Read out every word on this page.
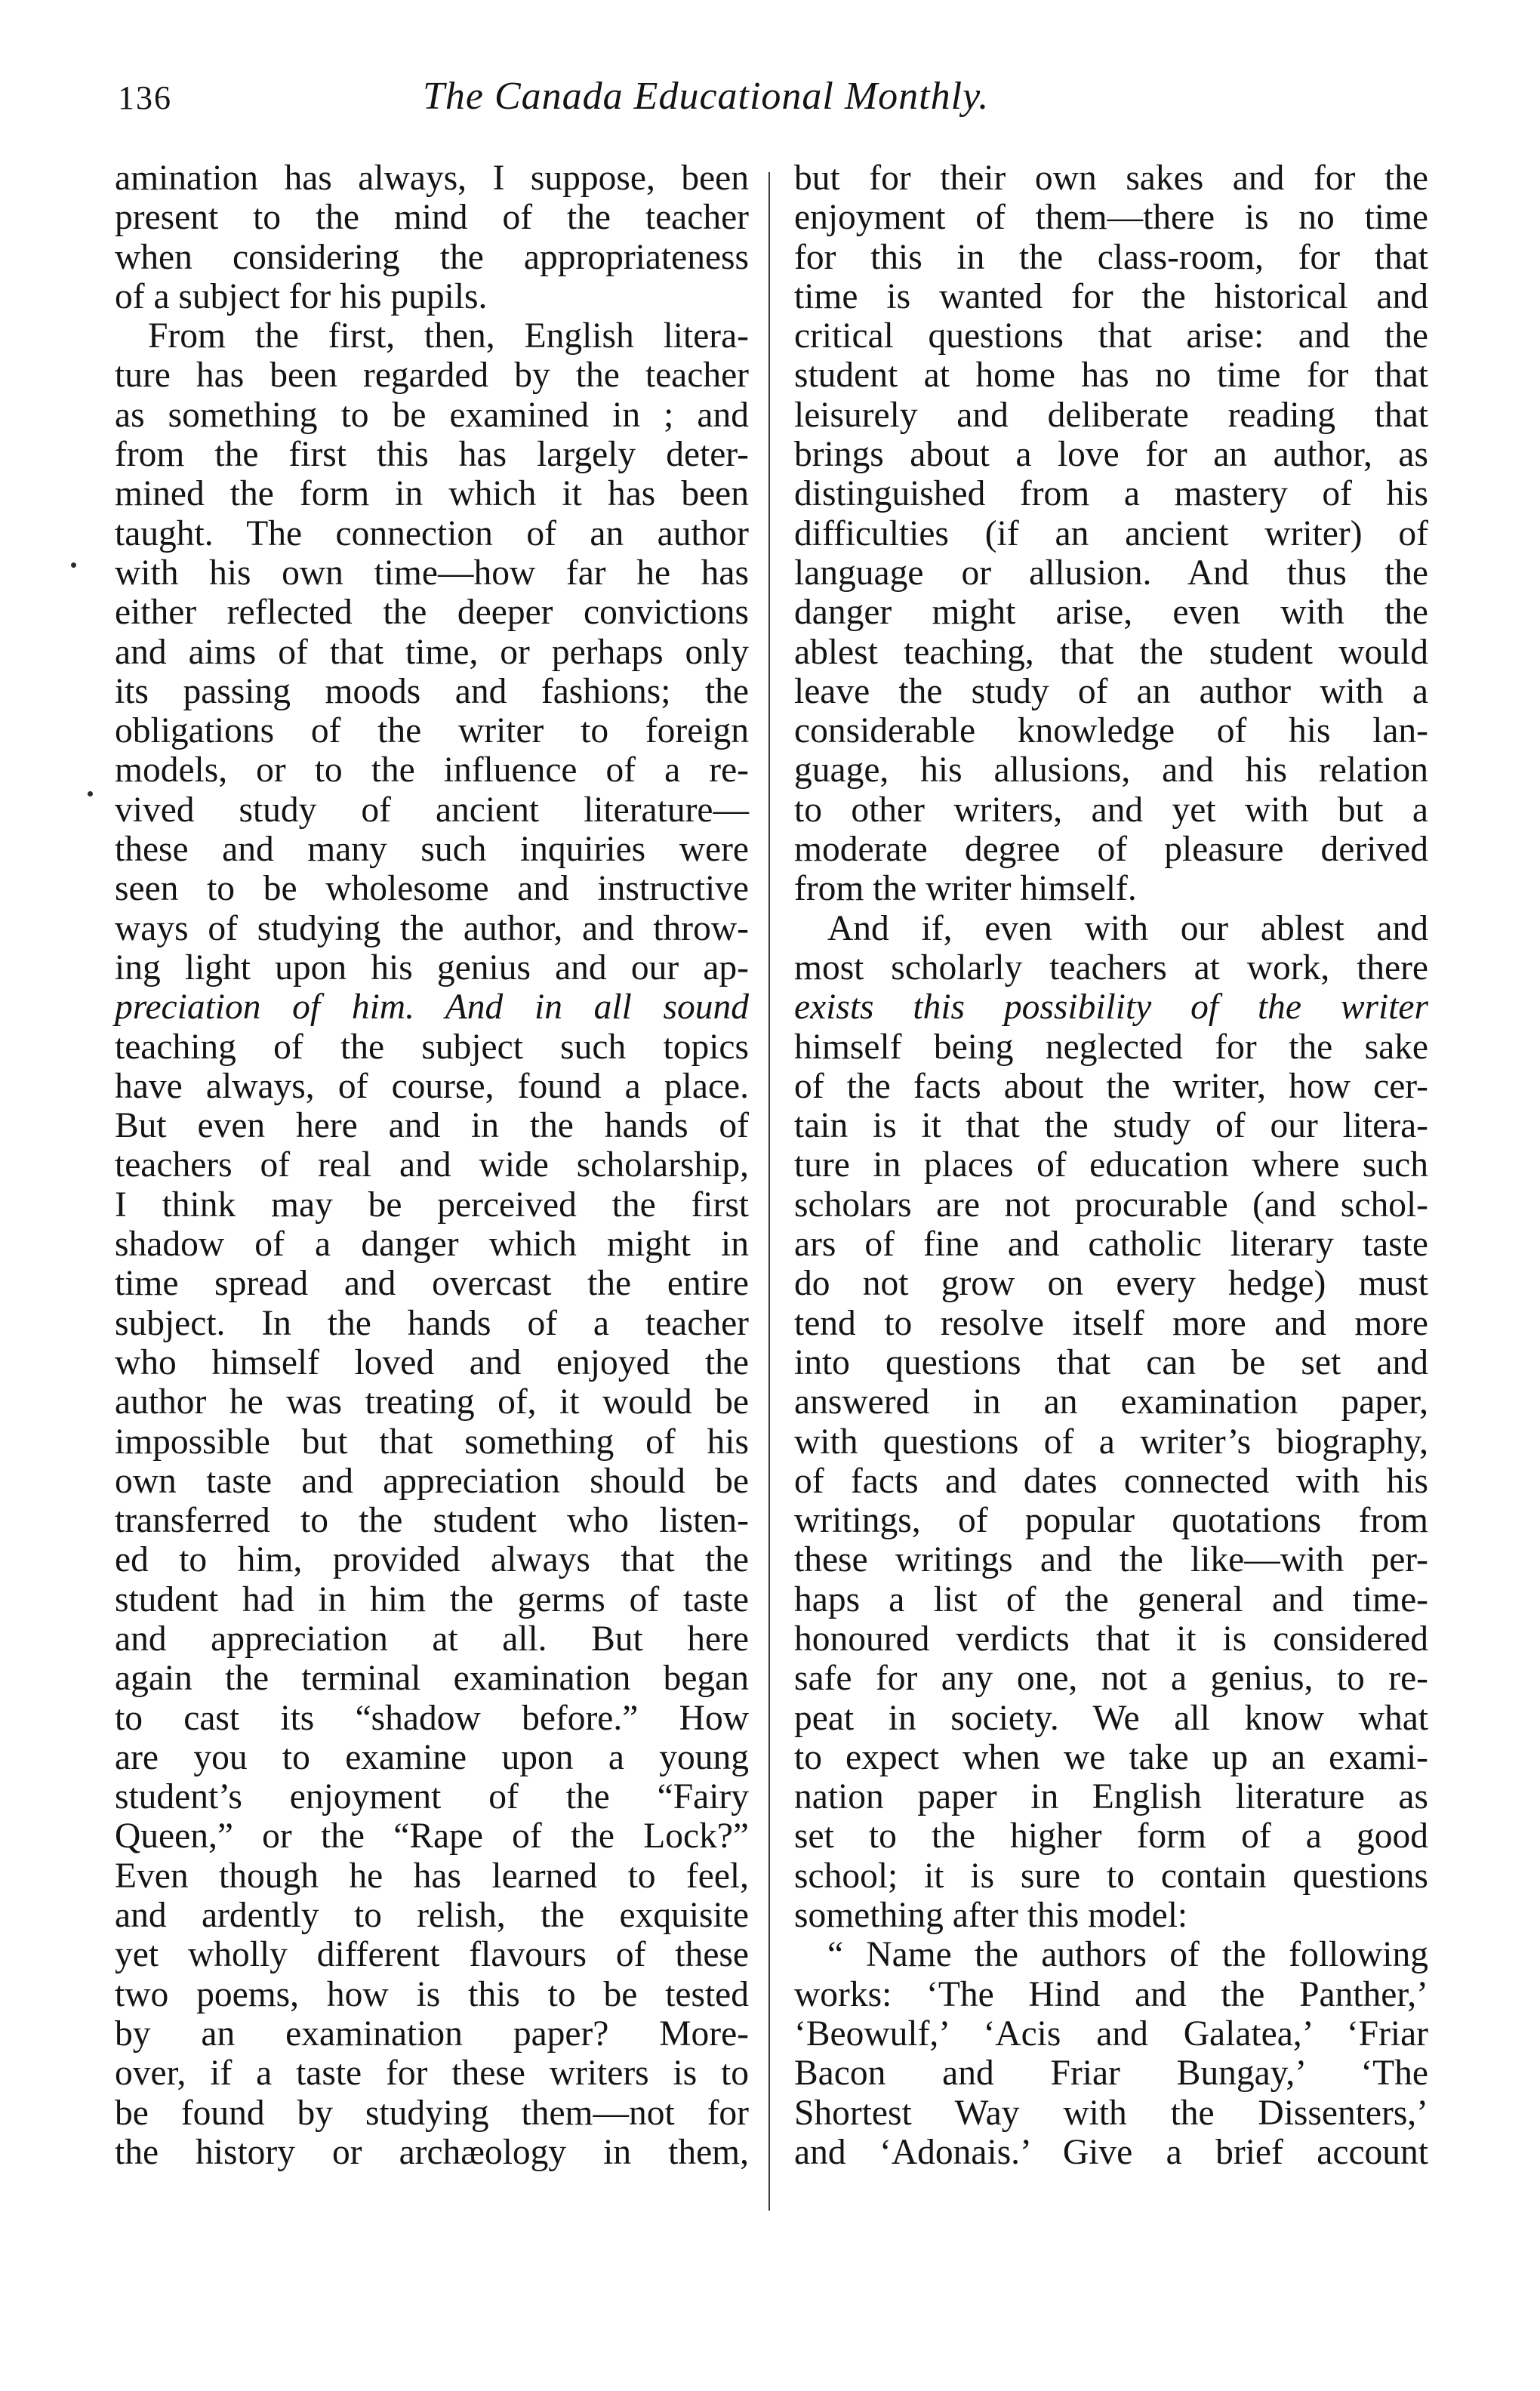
136	The Canada Educational Monthly.
amination has always, I suppose, been
present to the mind of the teacher
when considering the appropriateness
of a subject for his pupils.
From the first, then, English litera-
ture has been regarded by the teacher
as something to be examined in ; and
from the first this has largely deter-
mined the form in which it has been
taught. The connection of an author
with his own time—how far he has
either reflected the deeper convictions
and aims of that time, or perhaps only
its passing moods and fashions; the
obligations of the writer to foreign
models, or to the influence of a re-
vived study of ancient literature—
these and many such inquiries were
seen to be wholesome and instructive
ways of studying the author, and throw-
ing light upon his genius and our ap-
preciation of him. And in all sound
teaching of the subject such topics
have always, of course, found a place.
But even here and in the hands of
teachers of real and wide scholarship,
I think may be perceived the first
shadow of a danger which might in
time spread and overcast the entire
subject. In the hands of a teacher
who himself loved and enjoyed the
author he was treating of, it would be
impossible but that something of his
own taste and appreciation should be
transferred to the student who listen-
ed to him, provided always that the
student had in him the germs of taste
and appreciation at all. But here
again the terminal examination began
to cast its “shadow before.” How
are you to examine upon a young
student’s enjoyment of the “Fairy
Queen,” or the “Rape of the Lock?”
Even though he has learned to feel,
and ardently to relish, the exquisite
yet wholly different flavours of these
two poems, how is this to be tested
by an examination paper? More-
over, if a taste for these writers is to
be found by studying them—not for
the history or archæology in them,
but for their own sakes and for the
enjoyment of them—there is no time
for this in the class-room, for that
time is wanted for the historical and
critical questions that arise: and the
student at home has no time for that
leisurely and deliberate reading that
brings about a love for an author, as
distinguished from a mastery of his
difficulties (if an ancient writer) of
language or allusion. And thus the
danger might arise, even with the
ablest teaching, that the student would
leave the study of an author with a
considerable knowledge of his lan-
guage, his allusions, and his relation
to other writers, and yet with but a
moderate degree of pleasure derived
from the writer himself.
And if, even with our ablest and
most scholarly teachers at work, there
exists this possibility of the writer
himself being neglected for the sake
of the facts about the writer, how cer-
tain is it that the study of our litera-
ture in places of education where such
scholars are not procurable (and schol-
ars of fine and catholic literary taste
do not grow on every hedge) must
tend to resolve itself more and more
into questions that can be set and
answered in an examination paper,
with questions of a writer’s biography,
of facts and dates connected with his
writings, of popular quotations from
these writings and the like—with per-
haps a list of the general and time-
honoured verdicts that it is considered
safe for any one, not a genius, to re-
peat in society. We all know what
to expect when we take up an exami-
nation paper in English literature as
set to the higher form of a good
school; it is sure to contain questions
something after this model:
“ Name the authors of the following
works: ‘The Hind and the Panther,’
‘Beowulf,’ ‘Acis and Galatea,’ ‘Friar
Bacon and Friar Bungay,’ ‘The
Shortest Way with the Dissenters,’
and ‘Adonais.’ Give a brief account
